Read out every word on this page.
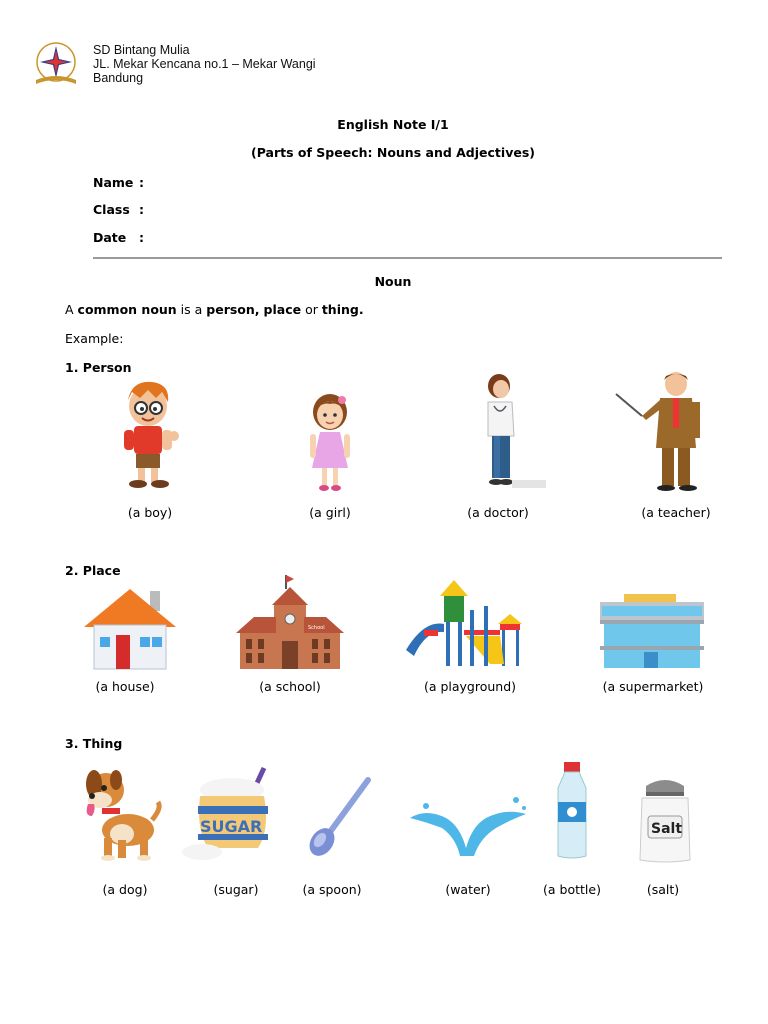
SD Bintang Mulia
JL. Mekar Kencana no.1 – Mekar Wangi
Bandung
English Note I/1
(Parts of Speech: Nouns and Adjectives)
Name :
Class :
Date :
Noun
A common noun is a person, place or thing.
Example:
1. Person
(a boy)	(a girl)	(a doctor)	(a teacher)
2. Place
(a house)
School
(a school)	(a playground)	(a supermarket)
3. Thing
(a dog)
SUGAR
(sugar)	(a spoon)	(water)	(a bottle)
Salt
(salt)
